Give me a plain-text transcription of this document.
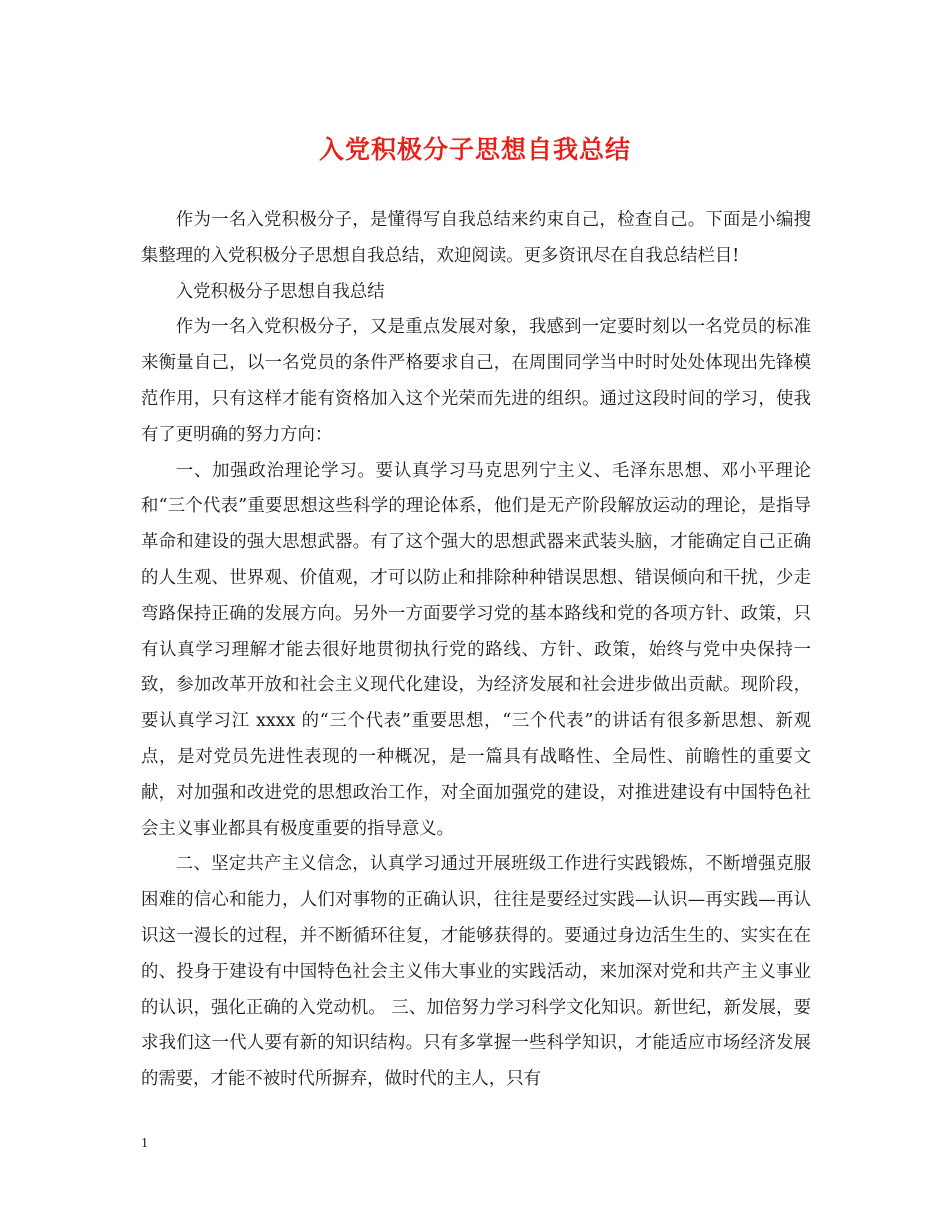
入党积极分子思想自我总结

作为一名入党积极分子，是懂得写自我总结来约束自己，检查自己。下面是小编搜集整理的入党积极分子思想自我总结，欢迎阅读。更多资讯尽在自我总结栏目!

入党积极分子思想自我总结

作为一名入党积极分子，又是重点发展对象，我感到一定要时刻以一名党员的标准来衡量自己，以一名党员的条件严格要求自己，在周围同学当中时时处处体现出先锋模范作用，只有这样才能有资格加入这个光荣而先进的组织。通过这段时间的学习，使我有了更明确的努力方向：

一、加强政治理论学习。要认真学习马克思列宁主义、毛泽东思想、邓小平理论和“三个代表”重要思想这些科学的理论体系，他们是无产阶段解放运动的理论，是指导革命和建设的强大思想武器。有了这个强大的思想武器来武装头脑，才能确定自己正确的人生观、世界观、价值观，才可以防止和排除种种错误思想、错误倾向和干扰，少走弯路保持正确的发展方向。另外一方面要学习党的基本路线和党的各项方针、政策，只有认真学习理解才能去很好地贯彻执行党的路线、方针、政策，始终与党中央保持一致，参加改革开放和社会主义现代化建设，为经济发展和社会进步做出贡献。现阶段，要认真学习江 xxxx 的“三个代表”重要思想，“三个代表”的讲话有很多新思想、新观点，是对党员先进性表现的一种概况，是一篇具有战略性、全局性、前瞻性的重要文献，对加强和改进党的思想政治工作，对全面加强党的建设，对推进建设有中国特色社会主义事业都具有极度重要的指导意义。

二、坚定共产主义信念，认真学习通过开展班级工作进行实践锻炼，不断增强克服困难的信心和能力，人们对事物的正确认识，往往是要经过实践—认识—再实践—再认识这一漫长的过程，并不断循环往复，才能够获得的。要通过身边活生生的、实实在在的、投身于建设有中国特色社会主义伟大事业的实践活动，来加深对党和共产主义事业的认识，强化正确的入党动机。 三、加倍努力学习科学文化知识。新世纪，新发展，要求我们这一代人要有新的知识结构。只有多掌握一些科学知识，才能适应市场经济发展的需要，才能不被时代所摒弃，做时代的主人，只有

1
